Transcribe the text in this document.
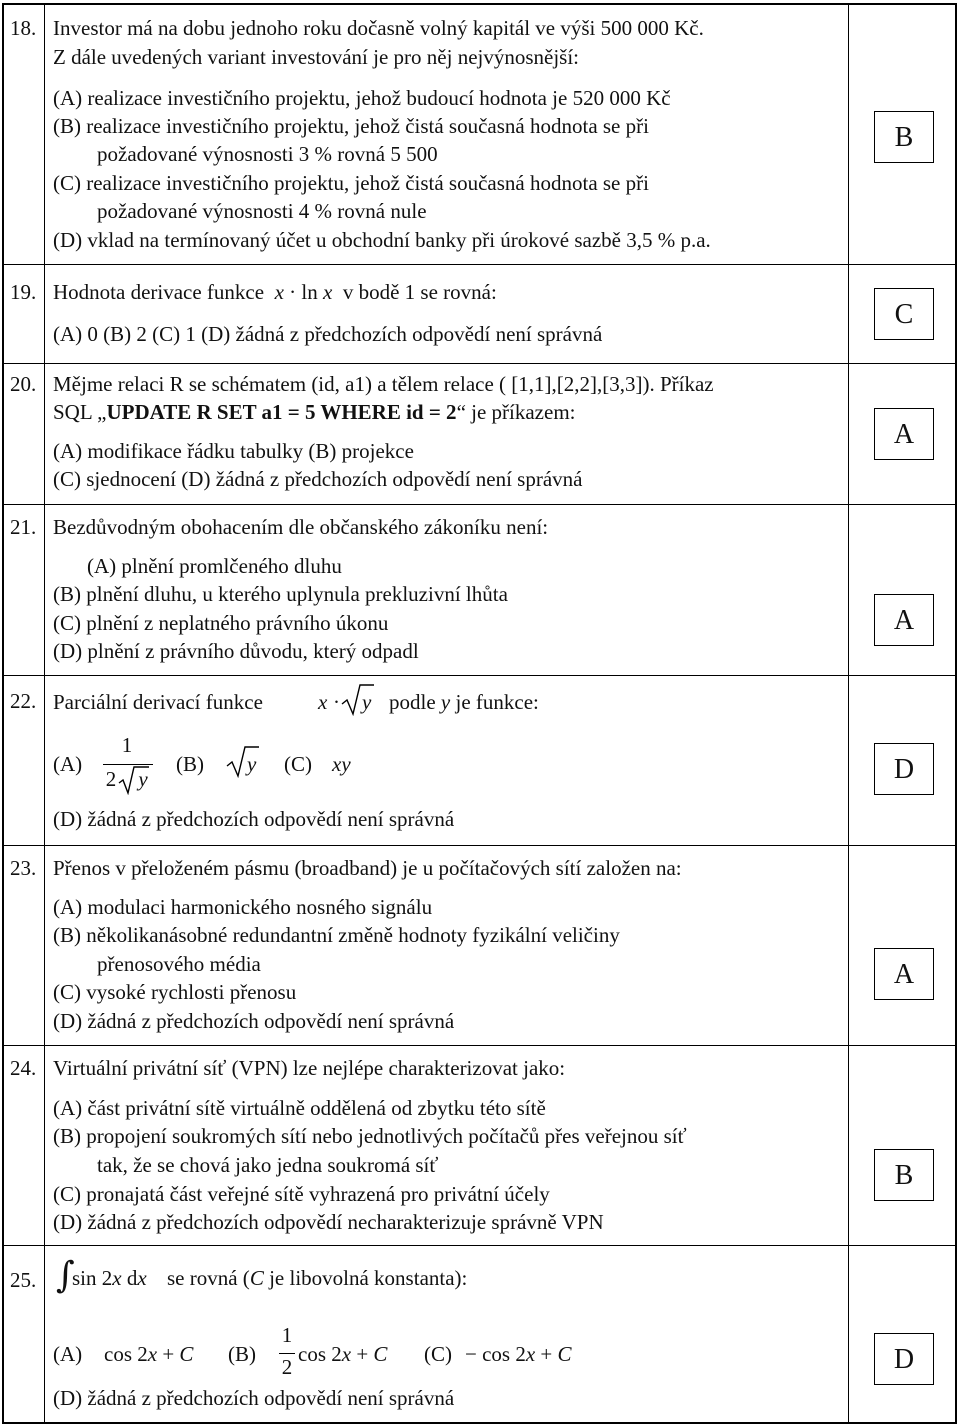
18. Investor má na dobu jednoho roku dočasně volný kapitál ve výši 500 000 Kč.
Z dále uvedených variant investování je pro něj nejvýnosnější:
(A) realizace investičního projektu, jehož budoucí hodnota je 520 000 Kč
(B) realizace investičního projektu, jehož čistá současná hodnota se při
požadované výnosnosti 3 % rovná 5 500
(C) realizace investičního projektu, jehož čistá současná hodnota se při
požadované výnosnosti 4 % rovná nule
(D) vklad na termínovaný účet u obchodní banky při úrokové sazbě 3,5 % p.a.
B
19. Hodnota derivace funkce x · ln x v bodě 1 se rovná:
(A) 0 (B) 2 (C) 1 (D) žádná z předchozích odpovědí není správná
C
20. Mějme relaci R se schématem (id, a1) a tělem relace ( [1,1],[2,2],[3,3]). Příkaz
SQL „UPDATE R SET a1 = 5 WHERE id = 2“ je příkazem:
(A) modifikace řádku tabulky (B) projekce
(C) sjednocení (D) žádná z předchozích odpovědí není správná
A
21. Bezdůvodným obohacením dle občanského zákoníku není:
(A) plnění promlčeného dluhu
(B) plnění dluhu, u kterého uplynula prekluzivní lhůta
(C) plnění z neplatného právního úkonu
(D) plnění z právního důvodu, který odpadl
A
22. Parciální derivací funkce	x · y podle y je funkce:
(A)
1
2 y
(B) y (C) xy
(D) žádná z předchozích odpovědí není správná
D
23. Přenos v přeloženém pásmu (broadband) je u počítačových sítí založen na:
(A) modulaci harmonického nosného signálu
(B) několikanásobné redundantní změně hodnoty fyzikální veličiny
přenosového média
(C) vysoké rychlosti přenosu
(D) žádná z předchozích odpovědí není správná
A
24. Virtuální privátní síť (VPN) lze nejlépe charakterizovat jako:
(A) část privátní sítě virtuálně oddělená od zbytku této sítě
(B) propojení soukromých sítí nebo jednotlivých počítačů přes veřejnou síť
tak, že se chová jako jedna soukromá síť
(C) pronajatá část veřejné sítě vyhrazená pro privátní účely
(D) žádná z předchozích odpovědí necharakterizuje správně VPN
B
25. ∫
sin 2x dx se rovná (C je libovolná konstanta):
(A) cos 2x + C (B)
1
2
cos 2x + C (C) − cos 2x + C
(D) žádná z předchozích odpovědí není správná
D
